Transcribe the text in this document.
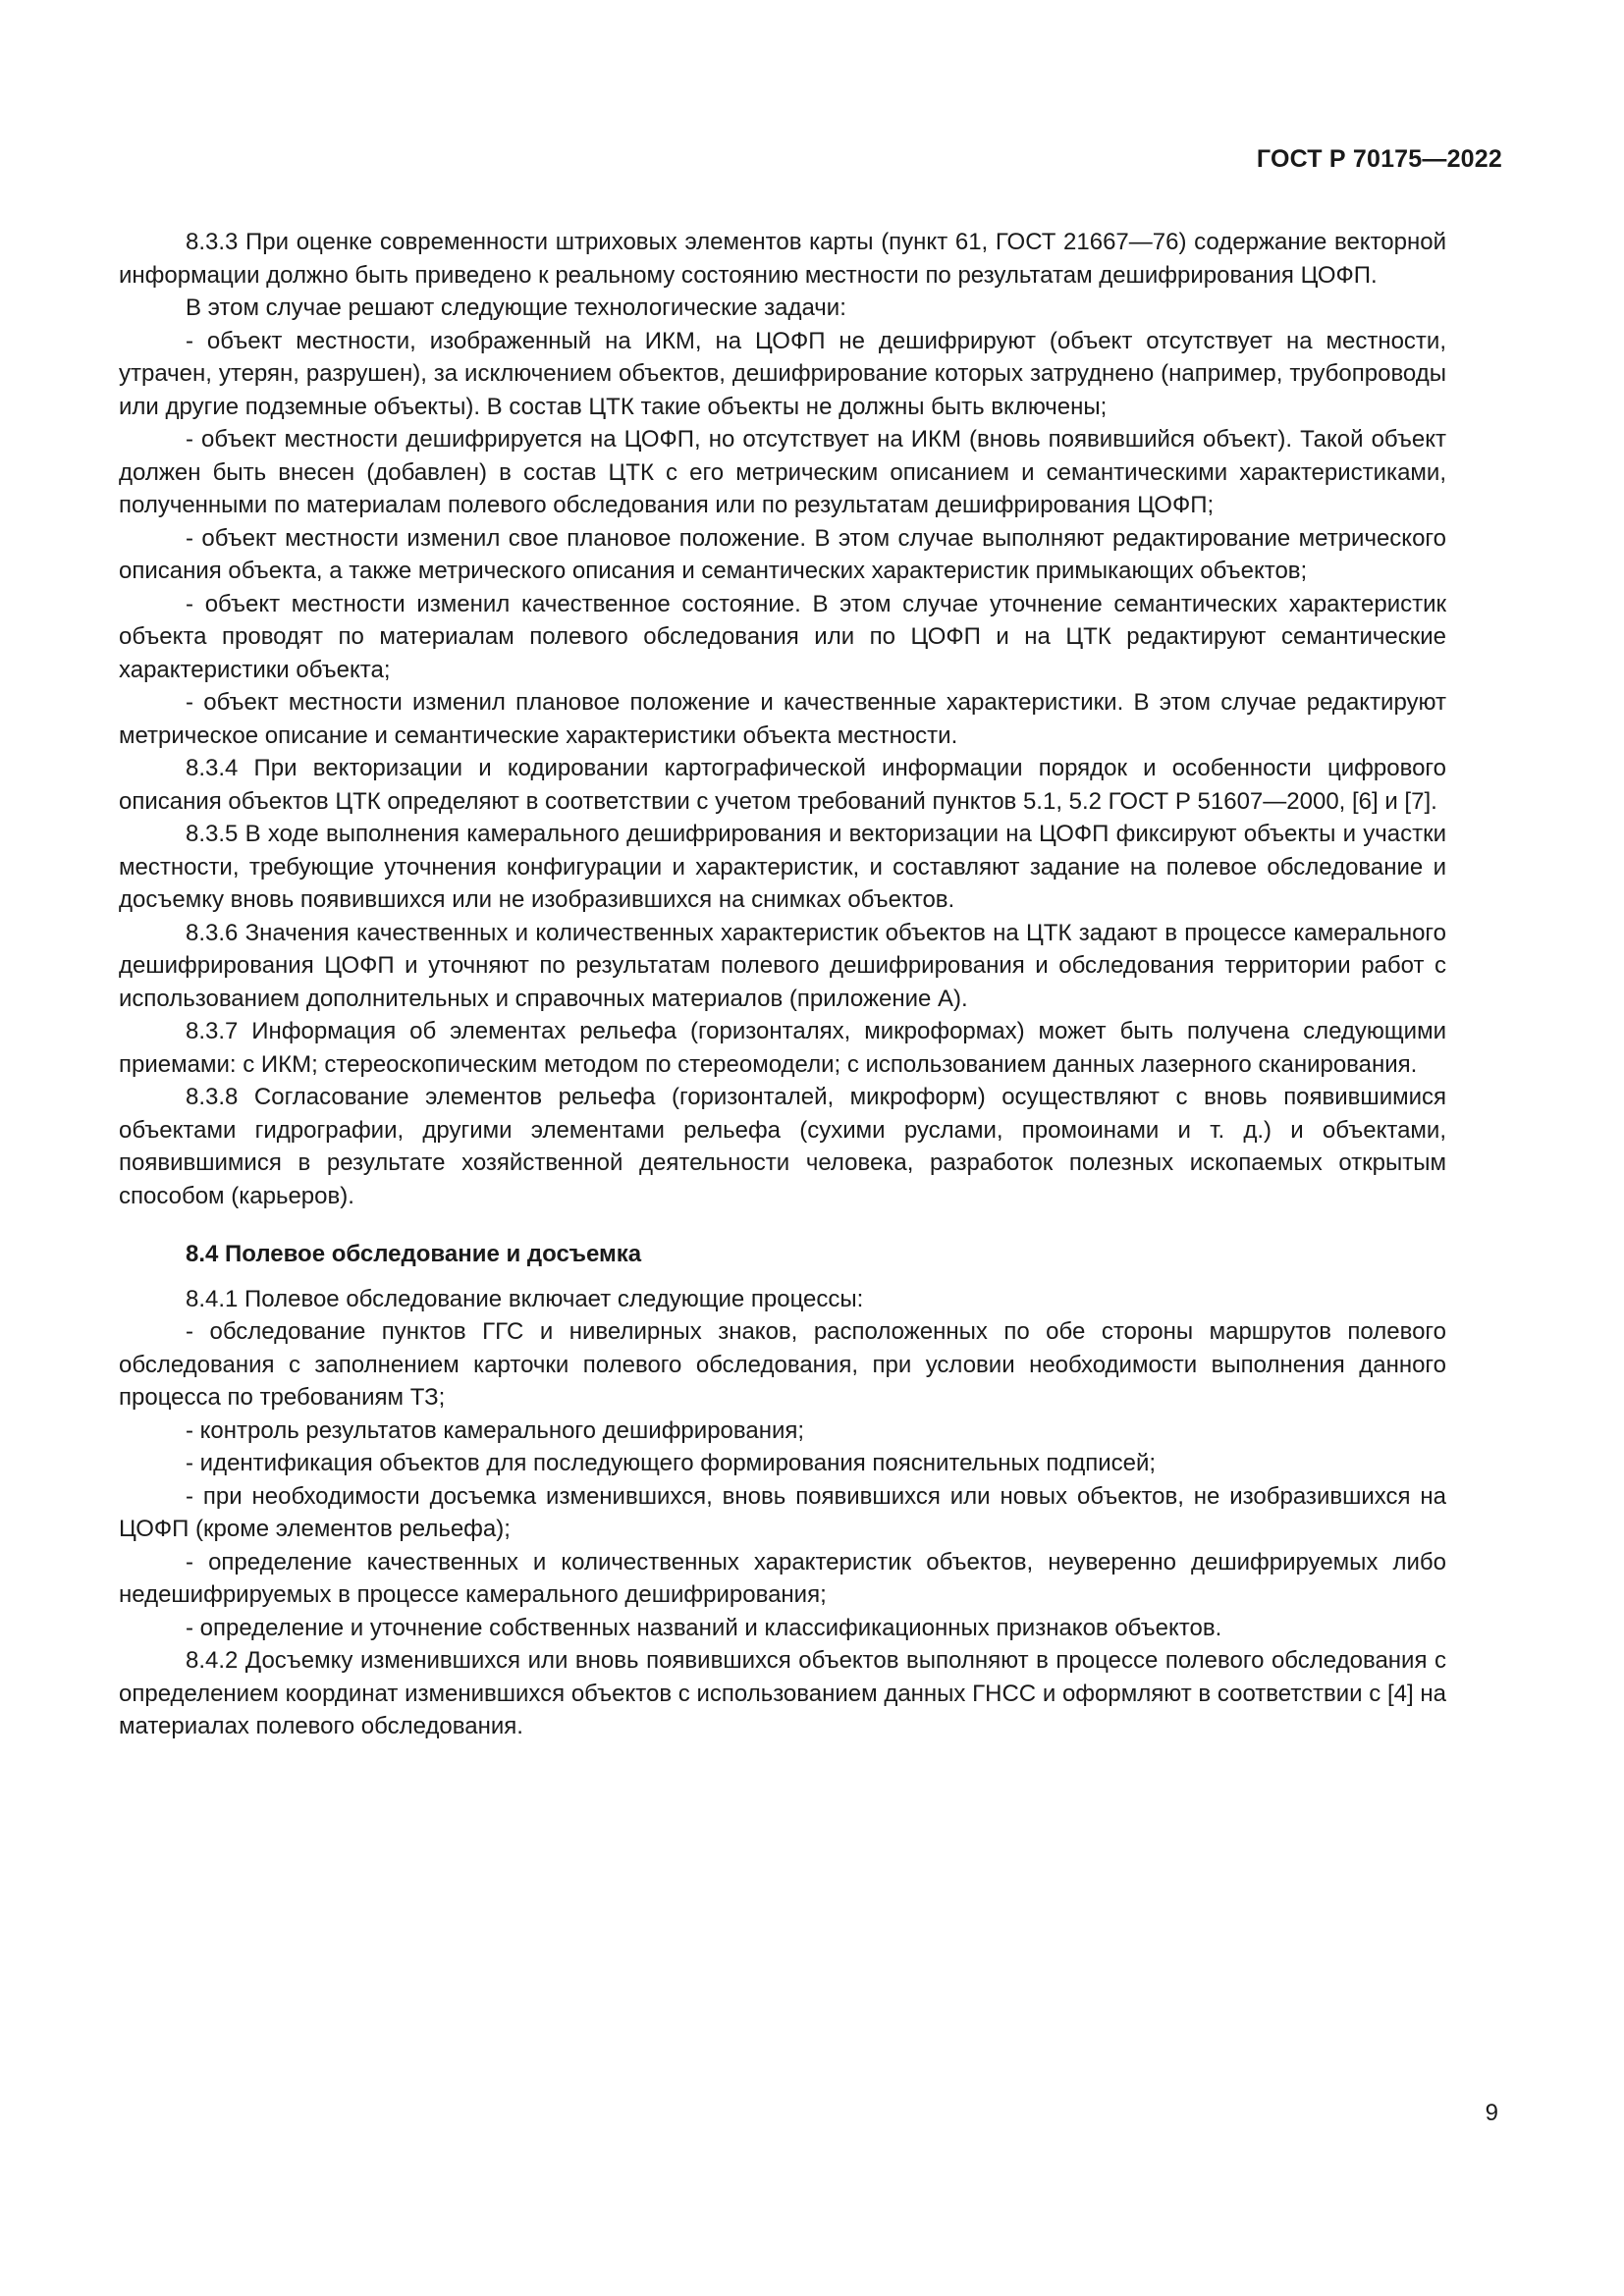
ГОСТ Р 70175—2022

8.3.3 При оценке современности штриховых элементов карты (пункт 61, ГОСТ 21667—76) содержание векторной информации должно быть приведено к реальному состоянию местности по результатам дешифрирования ЦОФП.

В этом случае решают следующие технологические задачи:

- объект местности, изображенный на ИКМ, на ЦОФП не дешифрируют (объект отсутствует на местности, утрачен, утерян, разрушен), за исключением объектов, дешифрирование которых затруднено (например, трубопроводы или другие подземные объекты). В состав ЦТК такие объекты не должны быть включены;

- объект местности дешифрируется на ЦОФП, но отсутствует на ИКМ (вновь появившийся объект). Такой объект должен быть внесен (добавлен) в состав ЦТК с его метрическим описанием и семантическими характеристиками, полученными по материалам полевого обследования или по результатам дешифрирования ЦОФП;

- объект местности изменил свое плановое положение. В этом случае выполняют редактирование метрического описания объекта, а также метрического описания и семантических характеристик примыкающих объектов;

- объект местности изменил качественное состояние. В этом случае уточнение семантических характеристик объекта проводят по материалам полевого обследования или по ЦОФП и на ЦТК редактируют семантические характеристики объекта;

- объект местности изменил плановое положение и качественные характеристики. В этом случае редактируют метрическое описание и семантические характеристики объекта местности.

8.3.4 При векторизации и кодировании картографической информации порядок и особенности цифрового описания объектов ЦТК определяют в соответствии с учетом требований пунктов 5.1, 5.2 ГОСТ Р 51607—2000, [6] и [7].

8.3.5 В ходе выполнения камерального дешифрирования и векторизации на ЦОФП фиксируют объекты и участки местности, требующие уточнения конфигурации и характеристик, и составляют задание на полевое обследование и досъемку вновь появившихся или не изобразившихся на снимках объектов.

8.3.6 Значения качественных и количественных характеристик объектов на ЦТК задают в процессе камерального дешифрирования ЦОФП и уточняют по результатам полевого дешифрирования и обследования территории работ с использованием дополнительных и справочных материалов (приложение А).

8.3.7 Информация об элементах рельефа (горизонталях, микроформах) может быть получена следующими приемами: с ИКМ; стереоскопическим методом по стереомодели; с использованием данных лазерного сканирования.

8.3.8 Согласование элементов рельефа (горизонталей, микроформ) осуществляют с вновь появившимися объектами гидрографии, другими элементами рельефа (сухими руслами, промоинами и т. д.) и объектами, появившимися в результате хозяйственной деятельности человека, разработок полезных ископаемых открытым способом (карьеров).

8.4 Полевое обследование и досъемка

8.4.1 Полевое обследование включает следующие процессы:

- обследование пунктов ГГС и нивелирных знаков, расположенных по обе стороны маршрутов полевого обследования с заполнением карточки полевого обследования, при условии необходимости выполнения данного процесса по требованиям ТЗ;

- контроль результатов камерального дешифрирования;

- идентификация объектов для последующего формирования пояснительных подписей;

- при необходимости досъемка изменившихся, вновь появившихся или новых объектов, не изобразившихся на ЦОФП (кроме элементов рельефа);

- определение качественных и количественных характеристик объектов, неуверенно дешифрируемых либо недешифрируемых в процессе камерального дешифрирования;

- определение и уточнение собственных названий и классификационных признаков объектов.

8.4.2 Досъемку изменившихся или вновь появившихся объектов выполняют в процессе полевого обследования с определением координат изменившихся объектов с использованием данных ГНСС и оформляют в соответствии с [4] на материалах полевого обследования.

9
